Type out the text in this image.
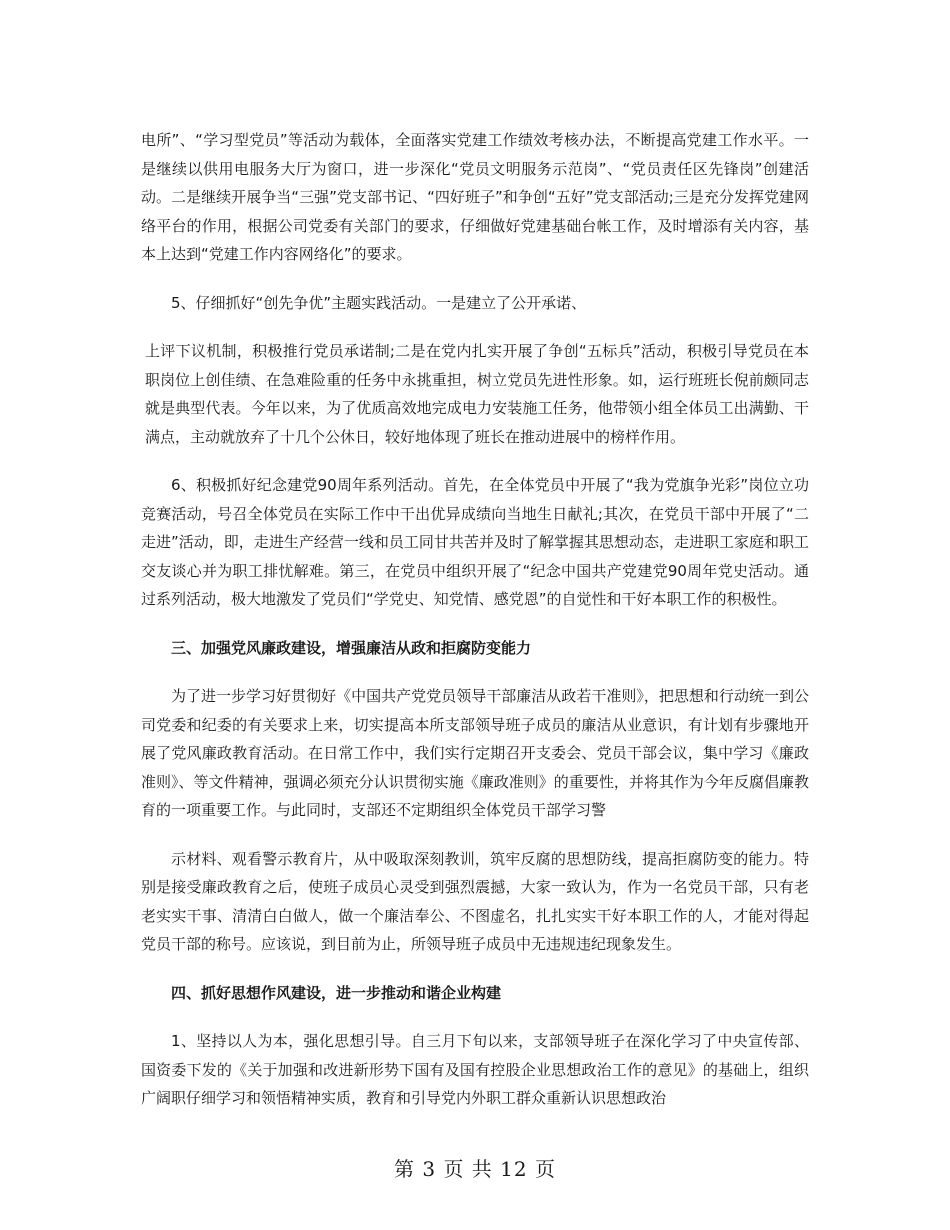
电所”、“学习型党员”等活动为载体，全面落实党建工作绩效考核办法，不断提高党建工作水平。一是继续以供用电服务大厅为窗口，进一步深化“党员文明服务示范岗”、“党员责任区先锋岗”创建活动。二是继续开展争当“三强”党支部书记、“四好班子”和争创“五好”党支部活动;三是充分发挥党建网络平台的作用，根据公司党委有关部门的要求，仔细做好党建基础台帐工作，及时增添有关内容，基本上达到“党建工作内容网络化”的要求。

5、仔细抓好“创先争优”主题实践活动。一是建立了公开承诺、

上评下议机制，积极推行党员承诺制;二是在党内扎实开展了争创“五标兵”活动，积极引导党员在本职岗位上创佳绩、在急难险重的任务中永挑重担，树立党员先进性形象。如，运行班班长倪前颇同志就是典型代表。今年以来，为了优质高效地完成电力安装施工任务，他带领小组全体员工出满勤、干满点，主动就放弃了十几个公休日，较好地体现了班长在推动进展中的榜样作用。

6、积极抓好纪念建党90周年系列活动。首先，在全体党员中开展了“我为党旗争光彩”岗位立功竞赛活动，号召全体党员在实际工作中干出优异成绩向当地生日献礼;其次，在党员干部中开展了“二走进”活动，即，走进生产经营一线和员工同甘共苦并及时了解掌握其思想动态，走进职工家庭和职工交友谈心并为职工排忧解难。第三，在党员中组织开展了“纪念中国共产党建党90周年党史活动。通过系列活动，极大地激发了党员们“学党史、知党情、感党恩”的自觉性和干好本职工作的积极性。

三、加强党风廉政建设，增强廉洁从政和拒腐防变能力

为了进一步学习好贯彻好《中国共产党党员领导干部廉洁从政若干准则》，把思想和行动统一到公司党委和纪委的有关要求上来，切实提高本所支部领导班子成员的廉洁从业意识，有计划有步骤地开展了党风廉政教育活动。在日常工作中，我们实行定期召开支委会、党员干部会议，集中学习《廉政准则》、等文件精神，强调必须充分认识贯彻实施《廉政准则》的重要性，并将其作为今年反腐倡廉教育的一项重要工作。与此同时，支部还不定期组织全体党员干部学习警

示材料、观看警示教育片，从中吸取深刻教训，筑牢反腐的思想防线，提高拒腐防变的能力。特别是接受廉政教育之后，使班子成员心灵受到强烈震撼，大家一致认为，作为一名党员干部，只有老老实实干事、清清白白做人，做一个廉洁奉公、不图虚名，扎扎实实干好本职工作的人，才能对得起党员干部的称号。应该说，到目前为止，所领导班子成员中无违规违纪现象发生。

四、抓好思想作风建设，进一步推动和谐企业构建

1、坚持以人为本，强化思想引导。自三月下旬以来，支部领导班子在深化学习了中央宣传部、国资委下发的《关于加强和改进新形势下国有及国有控股企业思想政治工作的意见》的基础上，组织广阔职仔细学习和领悟精神实质，教育和引导党内外职工群众重新认识思想政治

第 3 页 共 12 页
